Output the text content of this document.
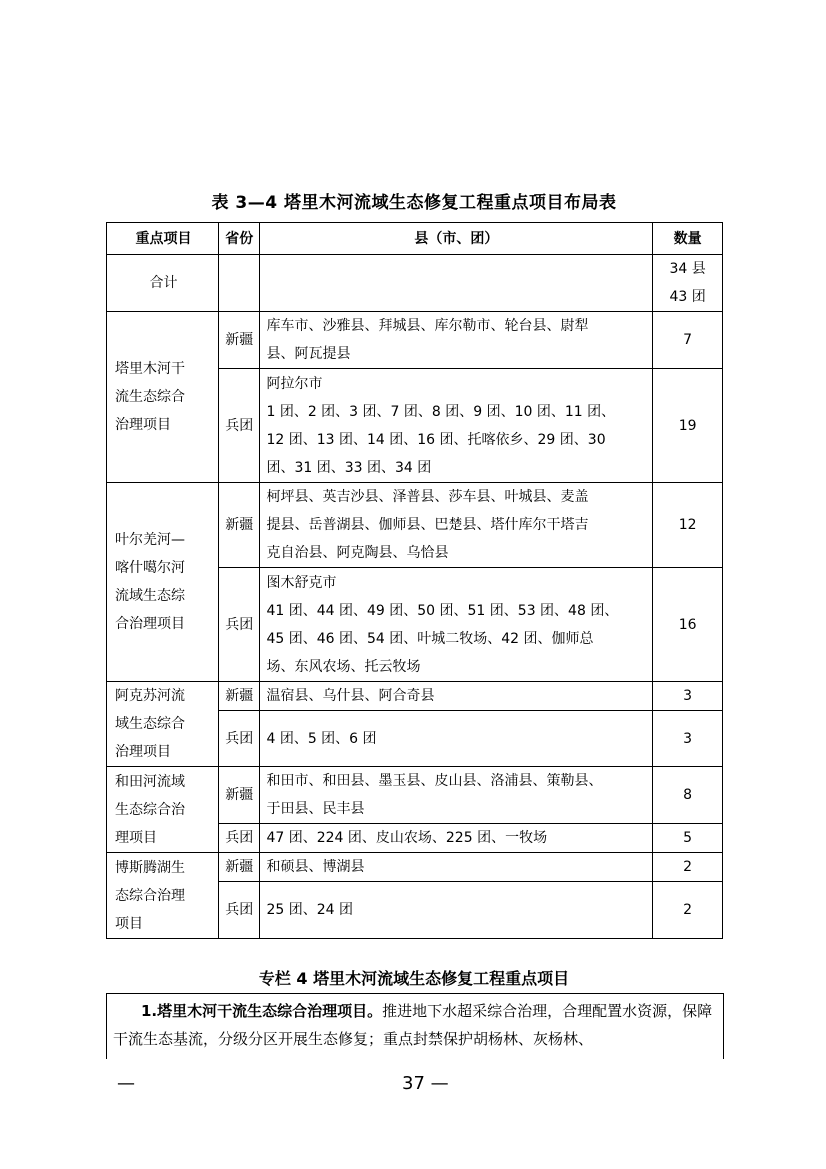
表 3—4 塔里木河流域生态修复工程重点项目布局表
重点项目	省份	县（市、团）	数量
合计			34 县
43 团
塔里木河干
流生态综合
治理项目	新疆	库车市、沙雅县、拜城县、库尔勒市、轮台县、尉犁
县、阿瓦提县	7
	兵团	阿拉尔市
1 团、2 团、3 团、7 团、8 团、9 团、10 团、11 团、
12 团、13 团、14 团、16 团、托喀依乡、29 团、30
团、31 团、33 团、34 团	19
叶尔羌河—
喀什噶尔河
流域生态综
合治理项目	新疆	柯坪县、英吉沙县、泽普县、莎车县、叶城县、麦盖
提县、岳普湖县、伽师县、巴楚县、塔什库尔干塔吉
克自治县、阿克陶县、乌恰县	12
	兵团	图木舒克市
41 团、44 团、49 团、50 团、51 团、53 团、48 团、
45 团、46 团、54 团、叶城二牧场、42 团、伽师总
场、东风农场、托云牧场	16
阿克苏河流
域生态综合
治理项目	新疆	温宿县、乌什县、阿合奇县	3
	兵团	4 团、5 团、6 团	3
和田河流域
生态综合治
理项目	新疆	和田市、和田县、墨玉县、皮山县、洛浦县、策勒县、
于田县、民丰县	8
	兵团	47 团、224 团、皮山农场、225 团、一牧场	5
博斯腾湖生
态综合治理
项目	新疆	和硕县、博湖县	2
	兵团	25 团、24 团	2
专栏 4 塔里木河流域生态修复工程重点项目
1.塔里木河干流生态综合治理项目。推进地下水超采综合治理，合理配置水资源，保障干流生态基流，分级分区开展生态修复；重点封禁保护胡杨林、灰杨林、
—	37 —
